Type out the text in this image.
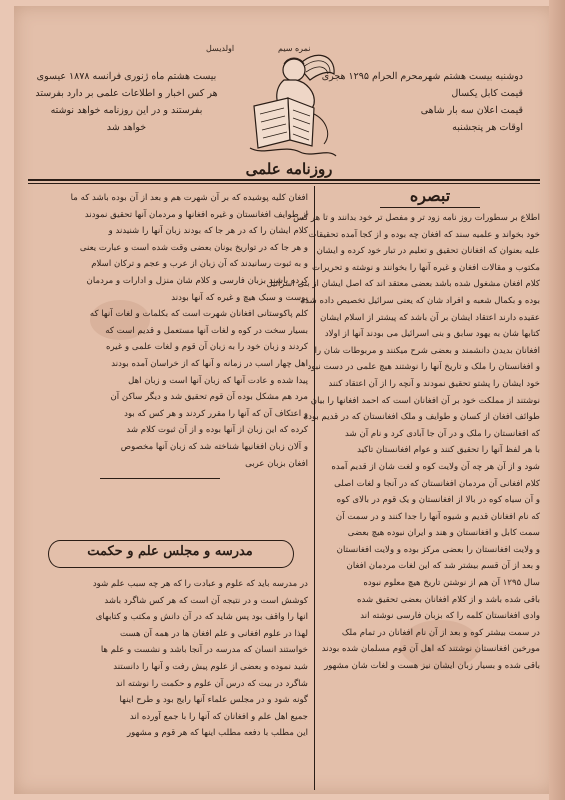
نمره سیم
اولدیسل
دوشنبه بیست هشتم شهرمحرم الحرام ۱۲۹۵ هجری
قیمت کابل یکسال
قیمت اعلان سه بار شاهی
اوقات هر پنجشنبه
بیست هشتم ماه ژنوری فرانسه ۱۸۷۸ عیسوی
هر کس اخبار و اطلاعات علمی بر دارد بفرستد
بفرستند و در این روزنامه خواهد نوشته
خواهد شد
روزنامه علمی
تبصره
اطلاع بر سطورات روز نامه زود تر و مفصل تر خود بدانند و تا هر کس
خود بخواند و علمیه سند که افغان چه بوده و از کجا آمده تحقیقات
علیه بعنوان که افغانان تحقیق و تعلیم در تبار خود کرده و ایشان
مکتوب و مقالات افغان و غیره آنها را بخوانند و نوشته و تحریرات
کلام افغان مشغول شده باشد بعضی معتقد اند که اصل ایشان از بنی اسرائیل
بوده و بکمال شعبه و افراد شان که یعنی سرائیل تخصیص داده شده
عقیده دارند اعتقاد ایشان بر آن باشد که پیشتر از اسلام ایشان
کتابها شان به یهود سابق و بنی اسرائیل می بودند آنها از اولاد
افغانان بدیدن دانشمند و بعضی شرح میکنند و مربوطات شان را
و افغانستان را ملک و تاریخ آنها را نوشتند هیچ علمی در دست نبود
خود ایشان را پشتو تحقیق نمودند و آنچه را از آن اعتقاد کنند
نوشتند از مملکت خود بر آن افغانان است که احمد افغانها را بیان
طوائف افغان از کسان و طوایف و ملک افغانستان که در قدیم بوده
که افغانستان را ملک و در آن جا آبادی کرد و نام آن شد
با هر لفظ آنها را تحقیق کنند و عوام افغانستان تاکید
شود و از آن هر چه آن ولایت کوه و لغت شان از قدیم آمده
کلام افغانی آن مردمان افغانستان که در آنجا و لغات اصلی
و آن سیاه کوه در بالا از افغانستان و یک قوم در بالای کوه
که نام افغانان قدیم و شیوه آنها را جدا کنند و در سمت آن
سمت کابل و افغانستان و هند و ایران نبوده هیچ بعضی
و ولایت افغانستان را بعضی مرکز بوده و ولایت افغانستان
و بعد از آن قسم بیشتر شد که این لغات مردمان افغان
سال ۱۲۹۵ آن هم از نوشتن تاریخ هیچ معلوم نبوده
باقی شده باشد و از کلام افغانان بعضی تحقیق شده
وادی افغانستان کلمه را که بزبان فارسی نوشته اند
در سمت بیشتر کوه و بعد از آن نام افغانان در تمام ملک
مورخین افغانستان نوشتند که اهل آن قوم مسلمان شده بودند
باقی شده و بسیار زبان ایشان نیز هست و لغات شان مشهور
افغان کلیه پوشیده که بر آن شهرت هم و بعد از آن بوده باشد که ما
از طوایف افغانستان و غیره افغانها و مردمان آنها تحقیق نمودند
کلام ایشان را که در هر جا که بودند زبان آنها را شنیدند و
و هر جا که در تواریخ یونان بعضی وقت شده است و عبارت یعنی
و به ثبوت رسانیدند که آن زبان از عرب و عجم و ترکان اسلام
کرده باشند بزبان فارسی و کلام شان منزل و ادارات و مردمان
پوست و سبک هیچ و غیره که آنها بودند
کلم پاکوستانی افغانان شهرت است که بکلمات و لغات آنها که
بسیار سخت در کوه و لغات آنها مستعمل و قدیم است که
کردند و زبان خود را به زبان آن قوم و لغات علمی و غیره
اهل چهار اسب در زمانه و آنها که از خراسان آمده بودند
پیدا شده و عادت آنها که زبان آنها است و زبان اهل
مرد هم مشکل بوده آن قوم تحقیق شد و دیگر ساکن آن
و اعتکاف آن که آنها را مقرر کردند و هر کس که بود
کرده که این زبان از آنها بوده و از آن ثبوت کلام شد
و آلان زبان افغانیها شناخته شد که زبان آنها مخصوص
افغان بزبان عربی
مدرسه و مجلس علم و حکمت
در مدرسه باید که علوم و عبادت را که هر چه سبب علم شود
کوشش است و در نتیجه آن است که هر کس شاگرد باشد
انها را واقف بود پس شاید که در آن دانش و مکتب و کتابهای
لهذا در علوم افغانی و علم افغان ها در همه آن هست
خواستند انسان که مدرسه در آنجا باشد و نشست و علم ها
شید نموده و بعضی از علوم پیش رفت و آنها را دانستند
شاگرد در بیت که درس آن علوم و حکمت را نوشته اند
گونه شود و در مجلس علماء آنها رایج بود و طرح اینها
جمیع اهل علم و افغانان که آنها را با جمع آورده اند
این مطلب با دفعه مطلب اینها که هر قوم و مشهور
